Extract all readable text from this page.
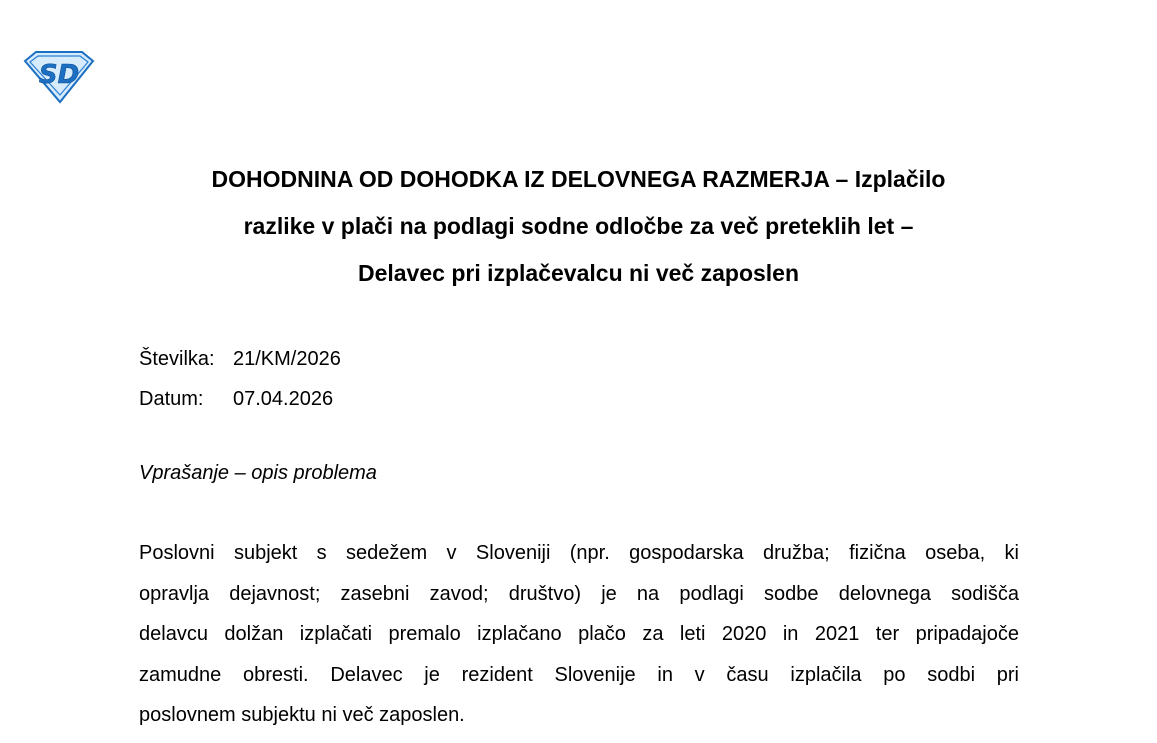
SD
DOHODNINA OD DOHODKA IZ DELOVNEGA RAZMERJA – Izplačilo
razlike v plači na podlagi sodne odločbe za več preteklih let –
Delavec pri izplačevalcu ni več zaposlen
Številka: 21/KM/2026
Datum:	07.04.2026
Vprašanje – opis problema

Poslovni subjekt s sedežem v Sloveniji (npr. gospodarska družba; fizična oseba, ki
opravlja dejavnost; zasebni zavod; društvo) je na podlagi sodbe delovnega sodišča
delavcu dolžan izplačati premalo izplačano plačo za leti 2020 in 2021 ter pripadajoče
zamudne obresti. Delavec je rezident Slovenije in v času izplačila po sodbi pri
poslovnem subjektu ni več zaposlen.
